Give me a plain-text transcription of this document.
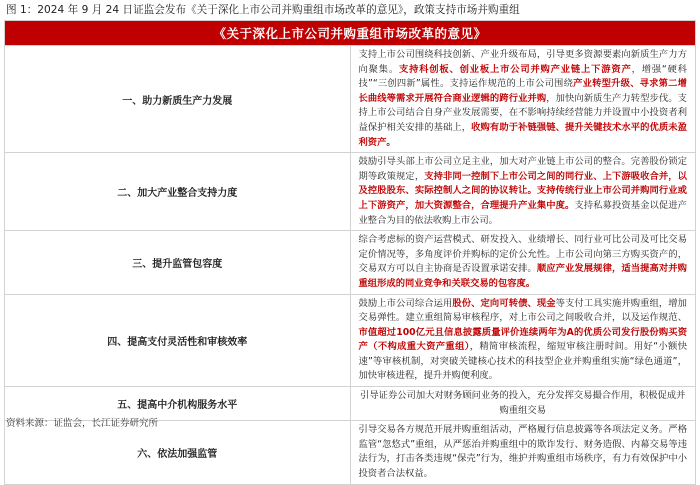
图 1：2024 年 9 月 24 日证监会发布《关于深化上市公司并购重组市场改革的意见》，政策支持市场并购重组
《关于深化上市公司并购重组市场改革的意见》	
一、助力新质生产力发展	支持上市公司围绕科技创新、产业升级布局，引导更多资源要素向新质生产力方向聚集。支持科创板、创业板上市公司并购产业链上下游资产，增强“硬科技”“三创四新”属性。支持运作规范的上市公司围绕产业转型升级、寻求第二增长曲线等需求开展符合商业逻辑的跨行业并购，加快向新质生产力转型步伐。支持上市公司结合自身产业发展需要，在不影响持续经营能力并设置中小投资者利益保护相关安排的基础上，收购有助于补链强链、提升关键技术水平的优质未盈利资产。
二、加大产业整合支持力度	鼓励引导头部上市公司立足主业，加大对产业链上市公司的整合。完善股份锁定期等政策规定，支持非同一控制下上市公司之间的同行业、上下游吸收合并，以及控股股东、实际控制人之间的协议转让。支持传统行业上市公司并购同行业或上下游资产，加大资源整合，合理提升产业集中度。支持私募投资基金以促进产业整合为目的依法收购上市公司。
三、提升监管包容度	综合考虑标的资产运营模式、研发投入、业绩增长、同行业可比公司及可比交易定价情况等，多角度评价并购标的定价公允性。上市公司向第三方购买资产的，交易双方可以自主协商是否设置承诺安排。顺应产业发展规律，适当提高对并购重组形成的同业竞争和关联交易的包容度。
四、提高支付灵活性和审核效率	鼓励上市公司综合运用股份、定向可转债、现金等支付工具实施并购重组，增加交易弹性。建立重组简易审核程序，对上市公司之间吸收合并，以及运作规范、市值超过100亿元且信息披露质量评价连续两年为A的优质公司发行股份购买资产（不构成重大资产重组），精简审核流程，缩短审核注册时间。用好“小额快速”等审核机制，对突破关键核心技术的科技型企业并购重组实施“绿色通道”，加快审核进程，提升并购便利度。
五、提高中介机构服务水平	引导证券公司加大对财务顾问业务的投入，充分发挥交易撮合作用，积极促成并购重组交易
六、依法加强监管	引导交易各方规范开展并购重组活动，严格履行信息披露等各项法定义务。严格监管“忽悠式”重组，从严惩治并购重组中的欺诈发行、财务造假、内幕交易等违法行为，打击各类违规“保壳”行为，维护并购重组市场秩序，有力有效保护中小投资者合法权益。
资料来源：证监会，长江证券研究所
